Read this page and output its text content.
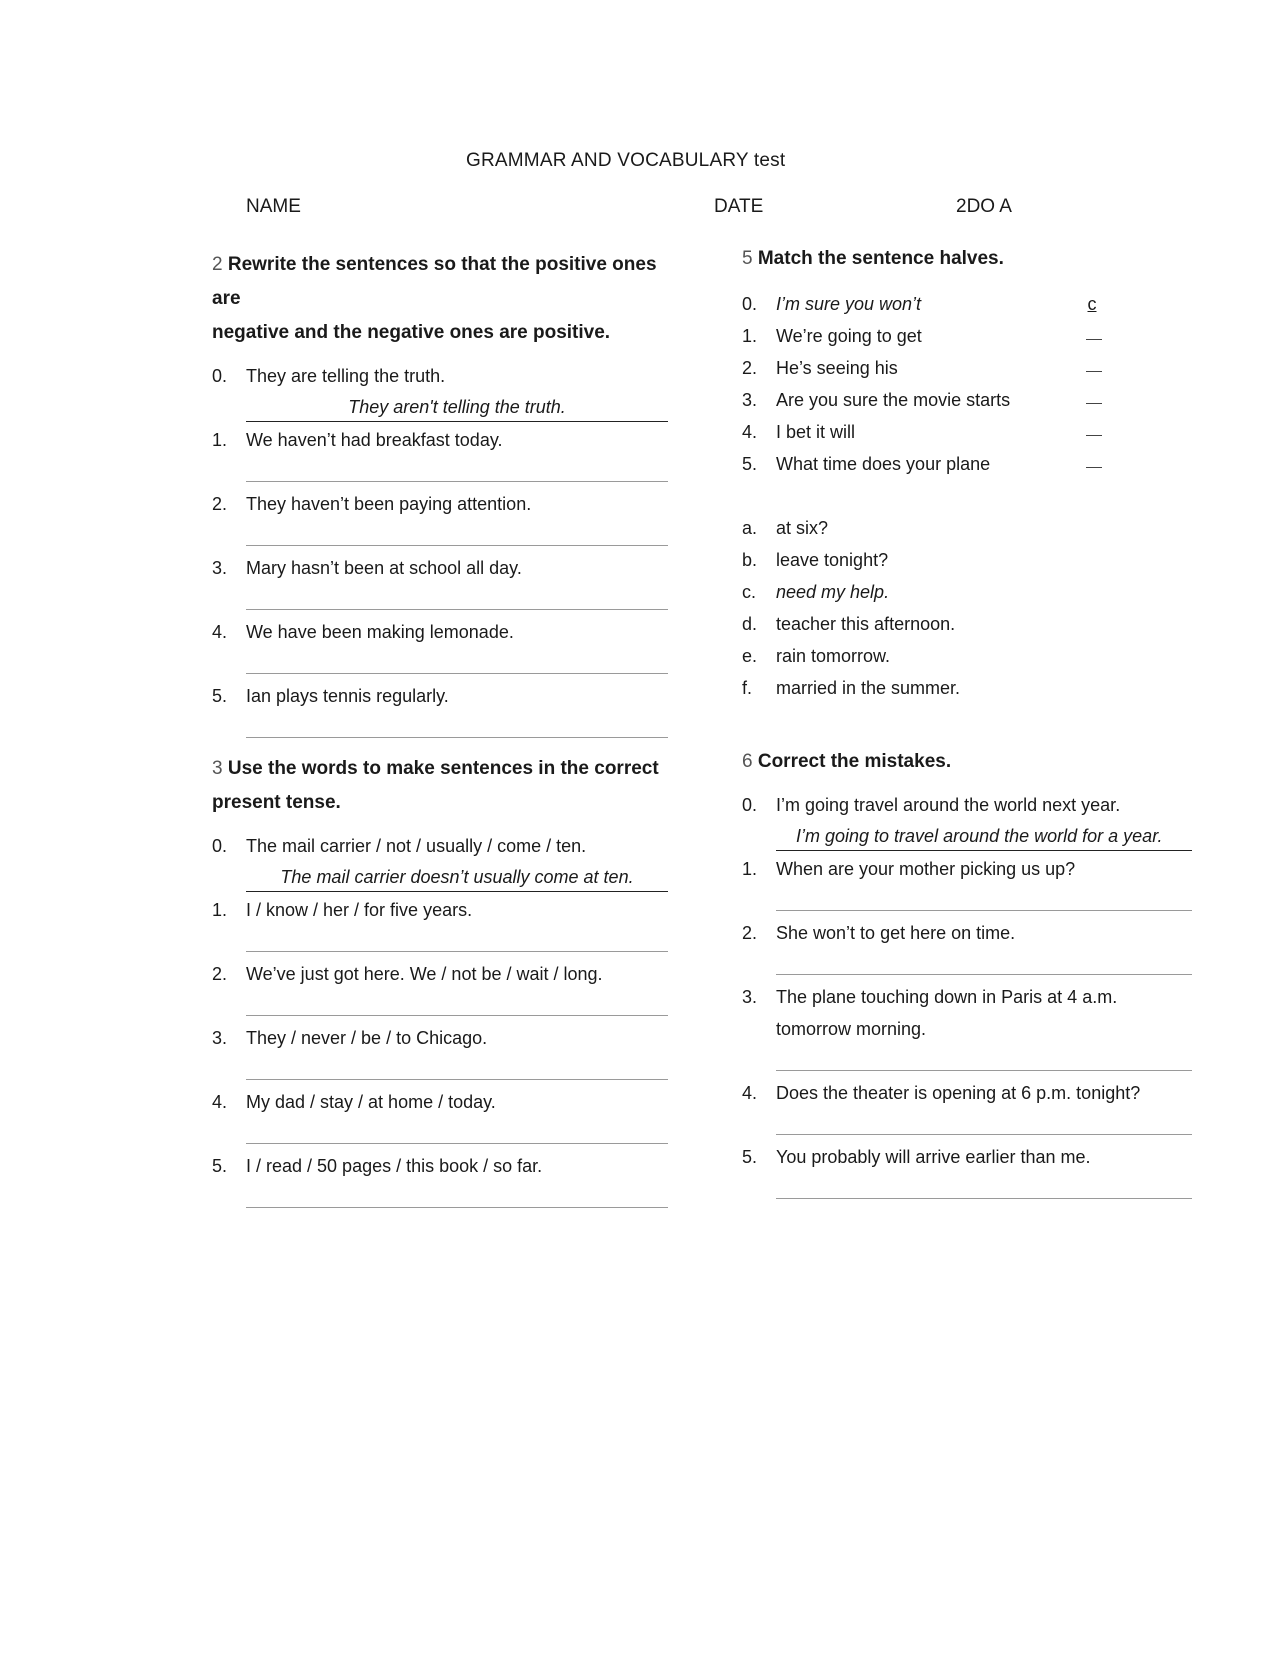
GRAMMAR AND VOCABULARY test
NAME	DATE	2DO A
2 Rewrite the sentences so that the positive ones are
negative and the negative ones are positive.
0.	They are telling the truth.
They aren't telling the truth.
1.	We haven’t had breakfast today.
2.	They haven’t been paying attention.
3.	Mary hasn’t been at school all day.
4.	We have been making lemonade.
5.	Ian plays tennis regularly.
3 Use the words to make sentences in the correct
present tense.
0.	The mail carrier / not / usually / come / ten.
The mail carrier doesn’t usually come at ten.
1.	I / know / her / for five years.
2.	We’ve just got here. We / not be / wait / long.
3.	They / never / be / to Chicago.
4.	My dad / stay / at home / today.
5.	I / read / 50 pages / this book / so far.
5 Match the sentence halves.
0.	I’m sure you won’t	c
1.	We’re going to get
2.	He’s seeing his
3.	Are you sure the movie starts
4.	I bet it will
5.	What time does your plane
a.	at six?
b.	leave tonight?
c.	need my help.
d.	teacher this afternoon.
e.	rain tomorrow.
f.	married in the summer.
6 Correct the mistakes.
0.	I’m going travel around the world next year.
I’m going to travel around the world for a year.
1.	When are your mother picking us up?
2.	She won’t to get here on time.
3.	The plane touching down in Paris at 4 a.m.
tomorrow morning.
4.	Does the theater is opening at 6 p.m. tonight?
5.	You probably will arrive earlier than me.
